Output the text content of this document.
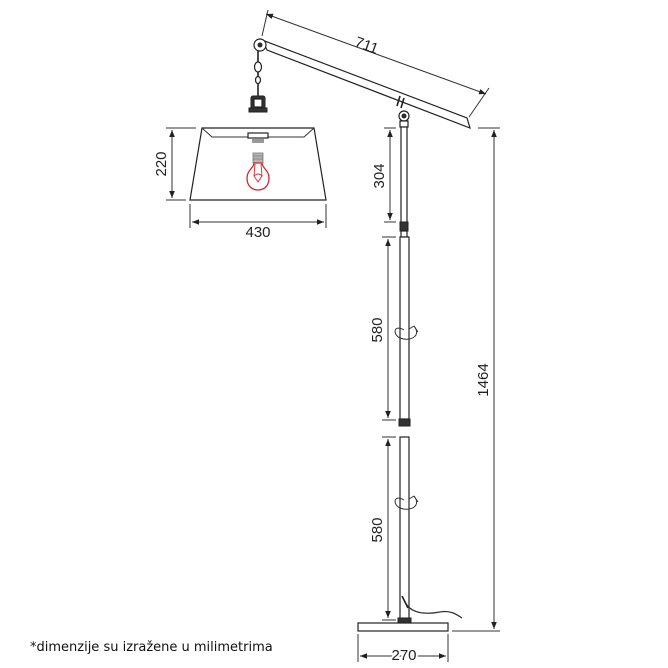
711
220
430
304
580
580
270
1464
*dimenzije su izražene u milimetrima
